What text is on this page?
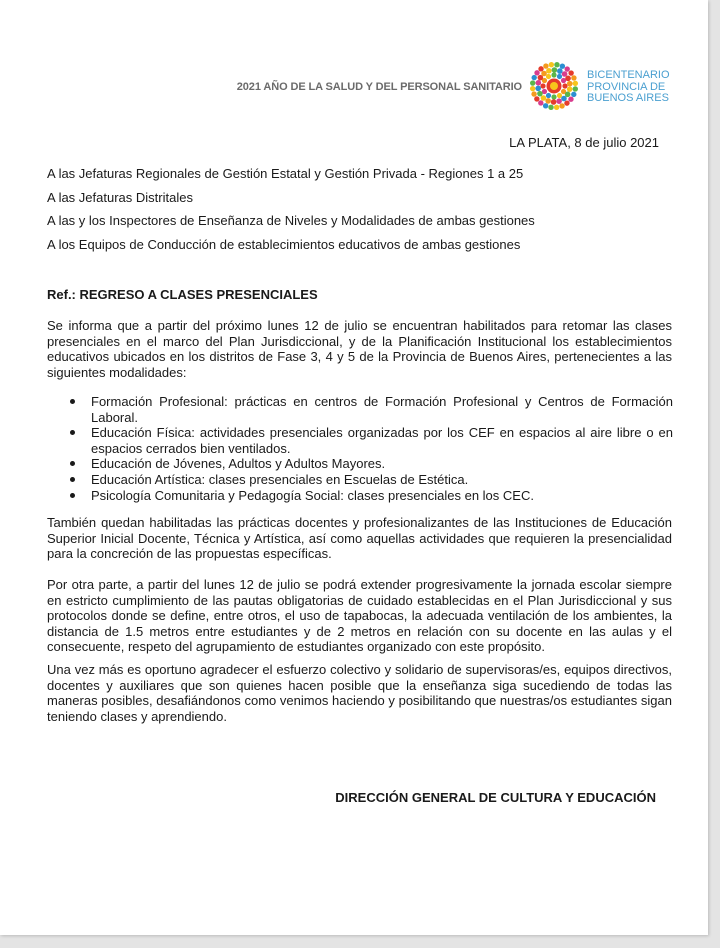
2021 AÑO DE LA SALUD Y DEL PERSONAL SANITARIO
BICENTENARIO
PROVINCIA DE
BUENOS AIRES
LA PLATA, 8 de julio 2021
A las Jefaturas Regionales de Gestión Estatal y Gestión Privada - Regiones 1 a 25
A las Jefaturas Distritales
A las y los Inspectores de Enseñanza de Niveles y Modalidades de ambas gestiones
A los Equipos de Conducción de establecimientos educativos de ambas gestiones
Ref.: REGRESO A CLASES PRESENCIALES

Se informa que a partir del próximo lunes 12 de julio se encuentran habilitados para retomar las clases presenciales en el marco del Plan Jurisdiccional, y de la Planificación Institucional los establecimientos educativos ubicados en los distritos de Fase 3, 4 y 5 de la Provincia de Buenos Aires, pertenecientes a las siguientes modalidades:

Formación Profesional: prácticas en centros de Formación Profesional y Centros de Formación Laboral.
Educación Física: actividades presenciales organizadas por los CEF en espacios al aire libre o en espacios cerrados bien ventilados.
Educación de Jóvenes, Adultos y Adultos Mayores.
Educación Artística: clases presenciales en Escuelas de Estética.
Psicología Comunitaria y Pedagogía Social: clases presenciales en los CEC.

También quedan habilitadas las prácticas docentes y profesionalizantes de las Instituciones de Educación Superior Inicial Docente, Técnica y Artística, así como aquellas actividades que requieren la presencialidad para la concreción de las propuestas específicas.

Por otra parte, a partir del lunes 12 de julio se podrá extender progresivamente la jornada escolar siempre en estricto cumplimiento de las pautas obligatorias de cuidado establecidas en el Plan Jurisdiccional y sus protocolos donde se define, entre otros, el uso de tapabocas, la adecuada ventilación de los ambientes, la distancia de 1.5 metros entre estudiantes y de 2 metros en relación con su docente en las aulas y el consecuente, respeto del agrupamiento de estudiantes organizado con este propósito.

Una vez más es oportuno agradecer el esfuerzo colectivo y solidario de supervisoras/es, equipos directivos, docentes y auxiliares que son quienes hacen posible que la enseñanza siga sucediendo de todas las maneras posibles, desafiándonos como venimos haciendo y posibilitando que nuestras/os estudiantes sigan teniendo clases y aprendiendo.

DIRECCIÓN GENERAL DE CULTURA Y EDUCACIÓN
